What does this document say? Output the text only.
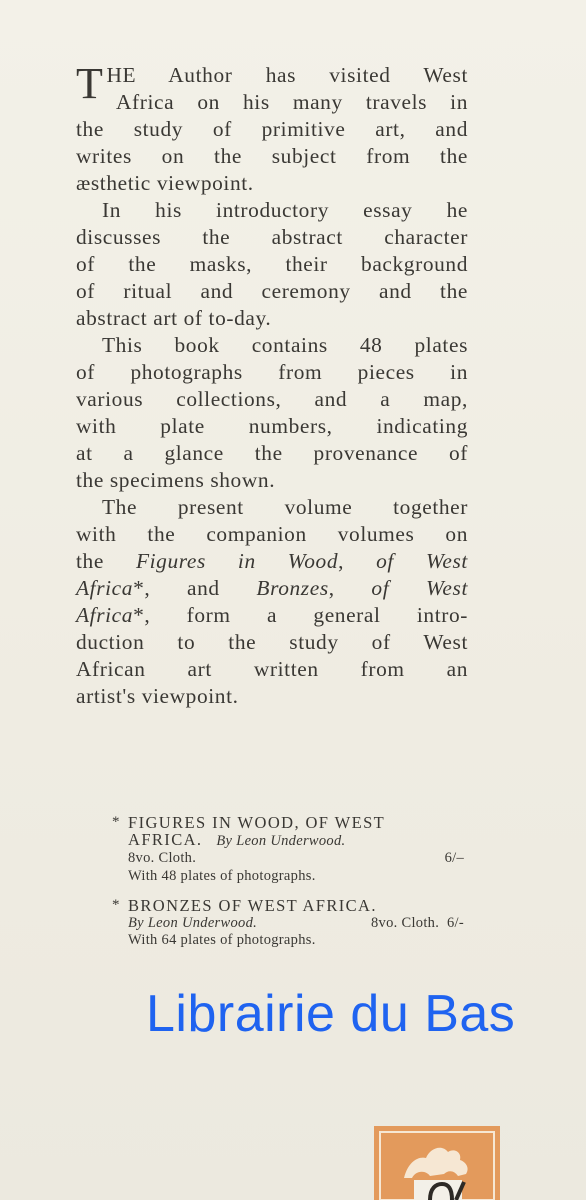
T HE Author has visited West
Africa on his many travels in
the study of primitive art, and
writes on the subject from the
æsthetic viewpoint.

In his introductory essay he
discusses the abstract character
of the masks, their background
of ritual and ceremony and the
abstract art of to-day.

This book contains 48 plates
of photographs from pieces in
various collections, and a map,
with plate numbers, indicating
at a glance the provenance of
the specimens shown.

The present volume together
with the companion volumes on
the Figures in Wood, of West
Africa*, and Bronzes, of West
Africa*, form a general intro-
duction to the study of West
African art written from an
artist's viewpoint.

* FIGURES IN WOOD, OF WEST
AFRICA. By Leon Underwood.
8vo. Cloth.	6/–
With 48 plates of photographs.
* BRONZES OF WEST AFRICA.
By Leon Underwood.	8vo. Cloth. 6/-
With 64 plates of photographs.
Librairie du Bas
